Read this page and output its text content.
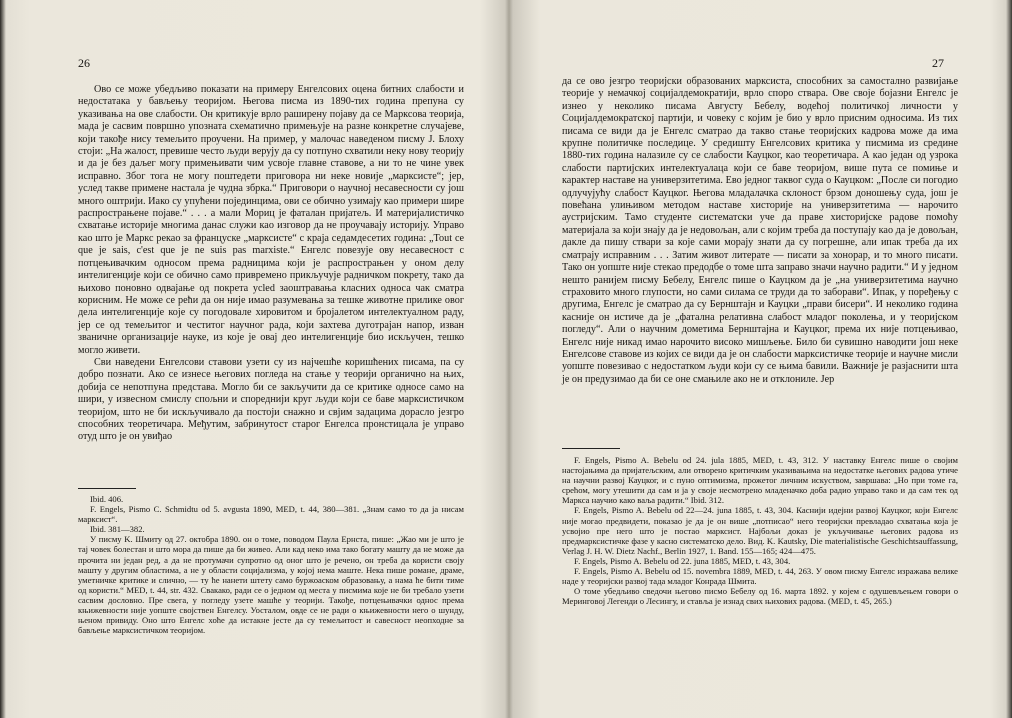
26

Ово се може убедљиво показати на примеру Енгелсових оцена битних слабости и недостатака у бављењу теоријом. Његова писма из 1890-тих година препуна су указивања на ове слабости. Он критикује врло раширену појаву да се Марксова теорија, мада је сасвим површно упозната схематично примењује на разне конкретне случајеве, који такође нису темељито проучени. На пример, у малочас наведеном писму J. Блоху стоји: „На жалост, превише често људи верују да су потпуно схватили неку нову теорију и да је без даљег могу примењивати чим усвоје главне ставове, а ни то не чине увек исправно. Због тога не могу поштедети приговора ни неке новије „марксисте“; јер, услед такве примене настала је чудна збрка.“ Приговори о научној несавесности су још много оштрији. Иако су упућени појединцима, ови се обично узимају као примери шире распрострањене појаве.“ . . . а мали Мориц је фаталан пријатељ. И материјалистичко схватање историје многима данас служи као изговор да не проучавају историју. Управо као што је Маркс рекао за француске „марксисте“ с краја седамдесетих година: „Tout ce que je sais, c'est que je ne suis pas marxiste.“ Енгелс повезује ову несавесност с потцењивачким односом према радницима који је распрострањен у оном делу интелигенције који се обично само привремено прикључује радничком покрету, тако да њихово поновно одвајање од покрета усled заоштравања класних односа чак сматра корисним. Не може се рећи да он није имао разумевања за тешке животне прилике овог дела интелигенције које су погодовале хировитом и бројалетом интелектуалном раду, јер се од темељитог и честитог научног рада, који захтева дуготрајан напор, изван званичне организације науке, из које је овај део интелигенције био искључен, тешко могло живети.

Сви наведени Енгелсови ставови узети су из најчешће коришћених писама, па су добро познати. Ако се изнесе његових погледа на стање у теорији органично на њих, добија се непотпуна представа. Могло би се закључити да се критике односе само на шири, у извесном смислу спољни и спореднији круг људи који се баве марксистичком теоријом, што не би искључивало да постоји снажно и свјим задацима дорасло језгро способних теоретичара. Међутим, забринутост старог Енгелса пронстицала је управо отуд што је он увиђао

Ibid. 406.

F. Engels, Pismo C. Schmidtu od 5. avgusta 1890, MED, t. 44, 380—381. „Знам само то да ја нисам марксист“.

Ibid. 381—382.

У писму K. Шмиту од 27. октобра 1890. он о томе, поводом Паула Ернста, пише: „Жао ми је што је тај човек болестан и што мора да пише да би живео. Али кад неко има тако богату машту да не може да прочита ни један ред, а да не протумачи супротно од оног што је речено, он треба да користи своју машту у другим областима, а не у области социјализма, у којој нема маште. Нека пише романе, драме, уметничке критике и слично, — ту ће нанети штету само буржоаском образовању, а нама ће бити тиме од користи.“ MED, t. 44, str. 432. Свакако, ради се о једном од места у писмима које не би требало узети сасвим дословно. Пре свега, у погледу узете машће у теорији. Такође, потцењивачки однос према књижевности није уопште својствен Енгелсу. Уосталом, овде се не ради о књижевности него о шунду, њеном привиду. Оно што Енгелс хоће да истакне јесте да су темељитост и савесност неопходне за бављење марксистичком теоријом.

27

да се ово језгро теоријски образованих марксиста, способних за самостално развијање теорије у немачкој социјалдемократији, врло споро ствара. Ове своје бојазни Енгелс је изнео у неколико писама Августу Бебелу, водећој политичкој личности у Социјалдемократској партији, и човеку с којим је био у врло присним односима. Из тих писама се види да је Енгелс сматрао да такво стање теоријских кадрова може да има крупне политичке последице. У средишту Енгелсових критика у писмима из средине 1880-тих година налазиле су се слабости Кауцког, као теоретичара. А као један од узрока слабости партијских интелектуалаца који се баве теоријом, више пута се помиње и карактер наставе на универзитетима. Ево једног таквог суда о Кауцком: „После си погодио одлучујућу слабост Кауцког. Његова младалачка склоност брзом доношењу суда, још је повећана улињивом методом наставе хисторије на универзитетима — нарочито аустријским. Тамо студенте систематски уче да праве хисторијске радове помоћу материјала за који знају да је недовољан, али с којим треба да поступају као да је довољан, дакле да пишу ствари за које сами морају знати да су погрешне, али ипак треба да их сматрају исправним . . . Затим живот литерате — писати за хонорар, и то много писати. Тако он уопште није стекао предодбе о томе шта заправо значи научно радити.“ И у једном нешто ранијем писму Бебелу, Енгелс пише о Кауцком да је „на универзитетима научно страховито много глупости, но сами силама се труди да то заборави“. Ипак, у поређењу с другима, Енгелс је сматрао да су Бернштајн и Кауцки „прави бисери“. И неколико година касније он истиче да је „фатална релативна слабост младог поколења, и у теоријском погледу“. Али о научним дометима Бернштајна и Кауцког, према их није потцењивао, Енгелс није никад имао нарочито високо мишљење. Било би сувишно наводити још неке Енгелсове ставове из којих се види да је он слабости марксистичке теорије и научне мисли уопште повезивао с недостатком људи који су се њима бавили. Важније је разјаснити шта је он предузимао да би се оне смањиле ако не и отклониле. Јер

F. Engels, Pismo A. Bebelu od 24. jula 1885, MED, t. 43, 312. У наставку Енгелс пише о својим настојањима да пријатељским, али отворено критичким указивањима на недостатке његових радова утиче на научни развој Кауцког, и с пуно оптимизма, прожетог личним искуством, завршава: „Но при томе га, срећом, могу утешити да сам и ја у своје несмотрено младеначко доба радио управо тако и да сам тек од Маркса научио како ваља радити.“ Ibid. 312.

F. Engels, Pismo A. Bebelu od 22—24. juna 1885, t. 43, 304. Каснији идејни развој Кауцког, који Енгелс није могао предвидети, показао је да је он више „потписао“ него теоријски превладао схватања која је усвојио пре него што је постао марксист. Најбољи доказ је укључивање његових радова из предмарксистичке фазе у касно систематско дело. Вид. K. Kautsky, Die materialistische Geschichtsauffassung, Verlag J. H. W. Dietz Nachf., Berlin 1927, 1. Band. 155—165; 424—475.

F. Engels, Pismo A. Bebelu od 22. juna 1885, MED, t. 43, 304.

F. Engels, Pismo A. Bebelu od 15. novembra 1889, MED, t. 44, 263. У овом писму Енгелс изражава велике наде у теоријски развој тада младог Конрада Шмита.

О томе убедљиво сведочи његово писмо Бебелу од 16. марта 1892. у којем с одушевљењем говори о Меринговој Легенди о Лесингу, и ставља је изнад свих њихових радова. (MED, t. 45, 265.)
